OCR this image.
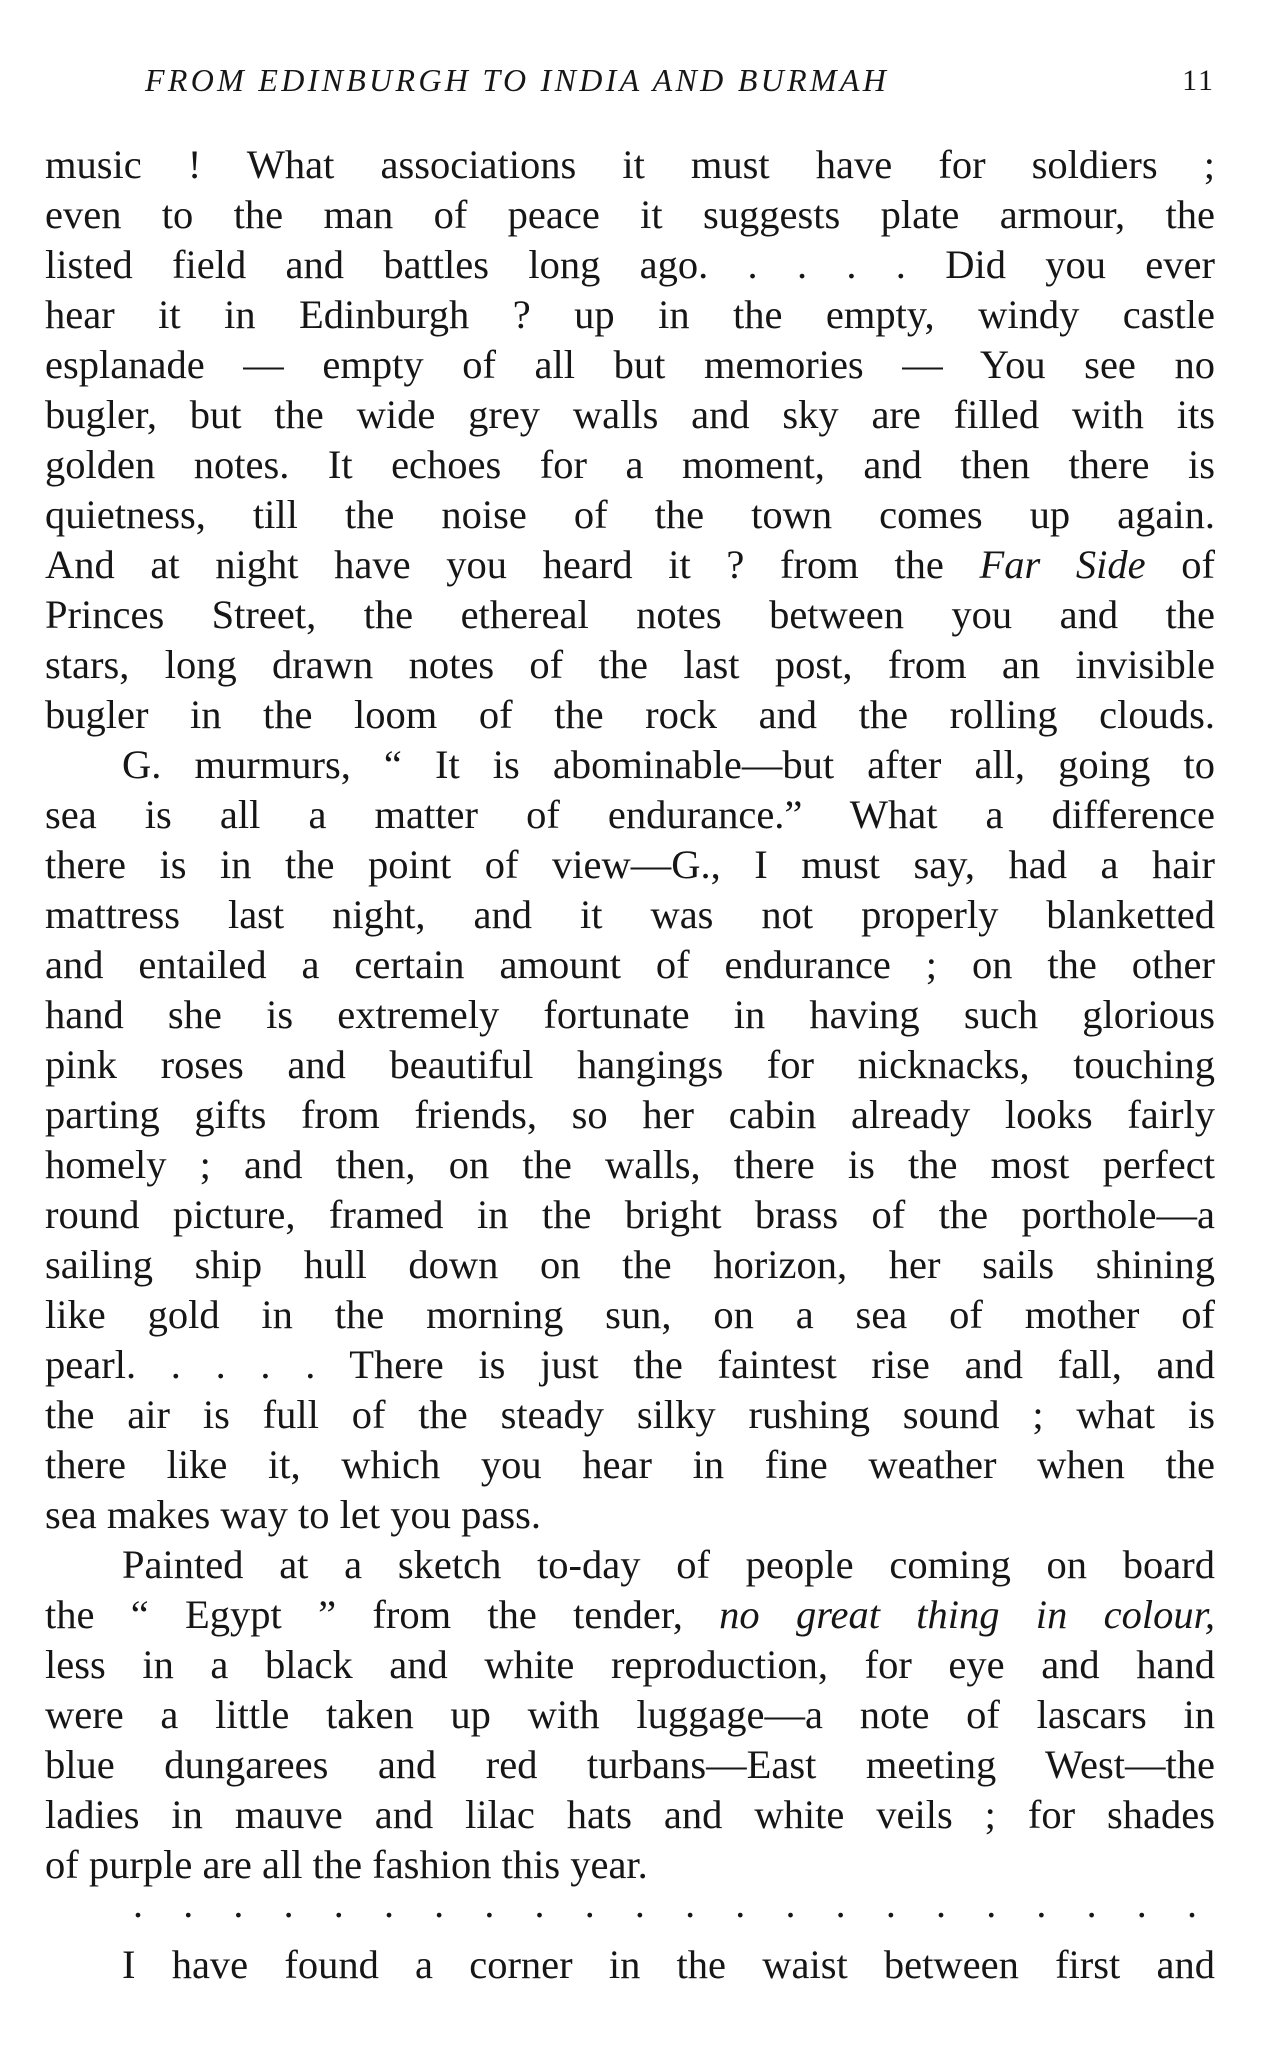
FROM EDINBURGH TO INDIA AND BURMAH	11
music ! What associations it must have for soldiers ;
even to the man of peace it suggests plate armour, the
listed field and battles long ago. . . . . Did you ever
hear it in Edinburgh ? up in the empty, windy castle
esplanade — empty of all but memories — You see no
bugler, but the wide grey walls and sky are filled with its
golden notes. It echoes for a moment, and then there is
quietness, till the noise of the town comes up again.
And at night have you heard it ? from the Far Side of
Princes Street, the ethereal notes between you and the
stars, long drawn notes of the last post, from an invisible
bugler in the loom of the rock and the rolling clouds.
G. murmurs, “ It is abominable—but after all, going to
sea is all a matter of endurance.” What a difference
there is in the point of view—G., I must say, had a hair
mattress last night, and it was not properly blanketted
and entailed a certain amount of endurance ; on the other
hand she is extremely fortunate in having such glorious
pink roses and beautiful hangings for nicknacks, touching
parting gifts from friends, so her cabin already looks fairly
homely ; and then, on the walls, there is the most perfect
round picture, framed in the bright brass of the porthole—a
sailing ship hull down on the horizon, her sails shining
like gold in the morning sun, on a sea of mother of
pearl. . . . . There is just the faintest rise and fall, and
the air is full of the steady silky rushing sound ; what is
there like it, which you hear in fine weather when the
sea makes way to let you pass.
Painted at a sketch to-day of people coming on board
the “ Egypt ” from the tender, no great thing in colour,
less in a black and white reproduction, for eye and hand
were a little taken up with luggage—a note of lascars in
blue dungarees and red turbans—East meeting West—the
ladies in mauve and lilac hats and white veils ; for shades
of purple are all the fashion this year.
. . . . . . . . . . . . . . . . . . . . . .
I have found a corner in the waist between first and
